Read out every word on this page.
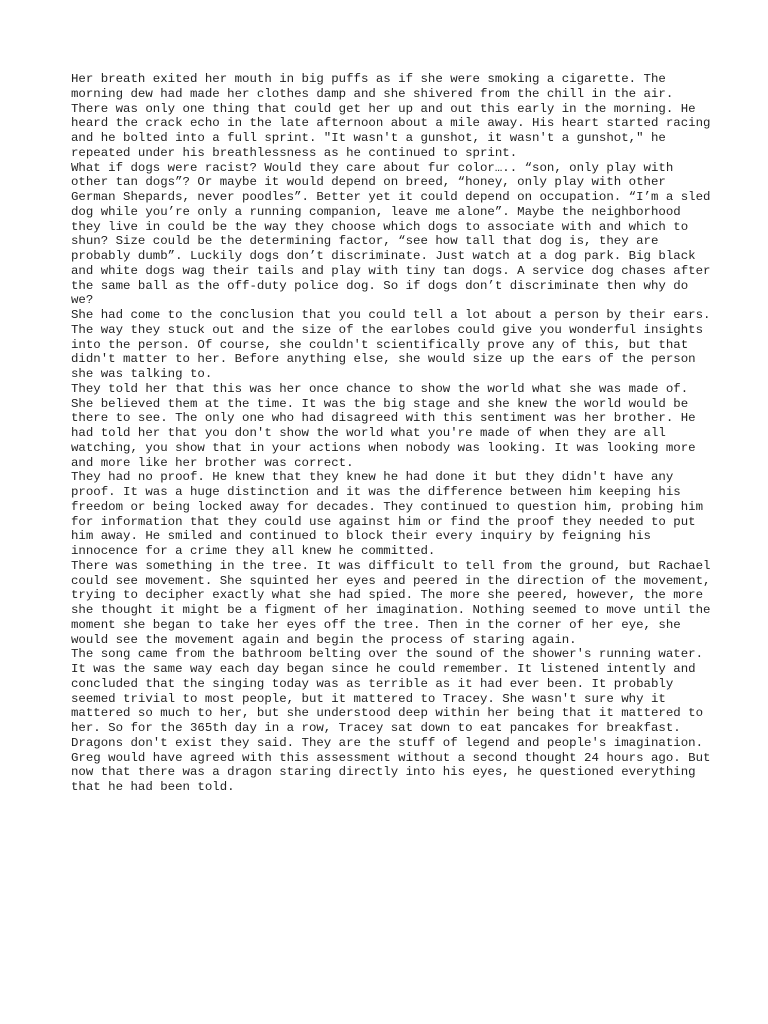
Her breath exited her mouth in big puffs as if she were smoking a cigarette. The morning dew had made her clothes damp and she shivered from the chill in the air. There was only one thing that could get her up and out this early in the morning. He heard the crack echo in the late afternoon about a mile away. His heart started racing and he bolted into a full sprint. "It wasn't a gunshot, it wasn't a gunshot," he repeated under his breathlessness as he continued to sprint.

What if dogs were racist? Would they care about fur color….. “son, only play with other tan dogs”? Or maybe it would depend on breed, “honey, only play with other German Shepards, never poodles”. Better yet it could depend on occupation. “I’m a sled dog while you’re only a running companion, leave me alone”. Maybe the neighborhood they live in could be the way they choose which dogs to associate with and which to shun? Size could be the determining factor, “see how tall that dog is, they are probably dumb”. Luckily dogs don’t discriminate. Just watch at a dog park. Big black and white dogs wag their tails and play with tiny tan dogs. A service dog chases after the same ball as the off-duty police dog. So if dogs don’t discriminate then why do we?

She had come to the conclusion that you could tell a lot about a person by their ears. The way they stuck out and the size of the earlobes could give you wonderful insights into the person. Of course, she couldn't scientifically prove any of this, but that didn't matter to her. Before anything else, she would size up the ears of the person she was talking to.

They told her that this was her once chance to show the world what she was made of. She believed them at the time. It was the big stage and she knew the world would be there to see. The only one who had disagreed with this sentiment was her brother. He had told her that you don't show the world what you're made of when they are all watching, you show that in your actions when nobody was looking. It was looking more and more like her brother was correct.

They had no proof. He knew that they knew he had done it but they didn't have any proof. It was a huge distinction and it was the difference between him keeping his freedom or being locked away for decades. They continued to question him, probing him for information that they could use against him or find the proof they needed to put him away. He smiled and continued to block their every inquiry by feigning his innocence for a crime they all knew he committed.

There was something in the tree. It was difficult to tell from the ground, but Rachael could see movement. She squinted her eyes and peered in the direction of the movement, trying to decipher exactly what she had spied. The more she peered, however, the more she thought it might be a figment of her imagination. Nothing seemed to move until the moment she began to take her eyes off the tree. Then in the corner of her eye, she would see the movement again and begin the process of staring again.

The song came from the bathroom belting over the sound of the shower's running water. It was the same way each day began since he could remember. It listened intently and concluded that the singing today was as terrible as it had ever been. It probably seemed trivial to most people, but it mattered to Tracey. She wasn't sure why it mattered so much to her, but she understood deep within her being that it mattered to her. So for the 365th day in a row, Tracey sat down to eat pancakes for breakfast.

Dragons don't exist they said. They are the stuff of legend and people's imagination. Greg would have agreed with this assessment without a second thought 24 hours ago. But now that there was a dragon staring directly into his eyes, he questioned everything that he had been told.
